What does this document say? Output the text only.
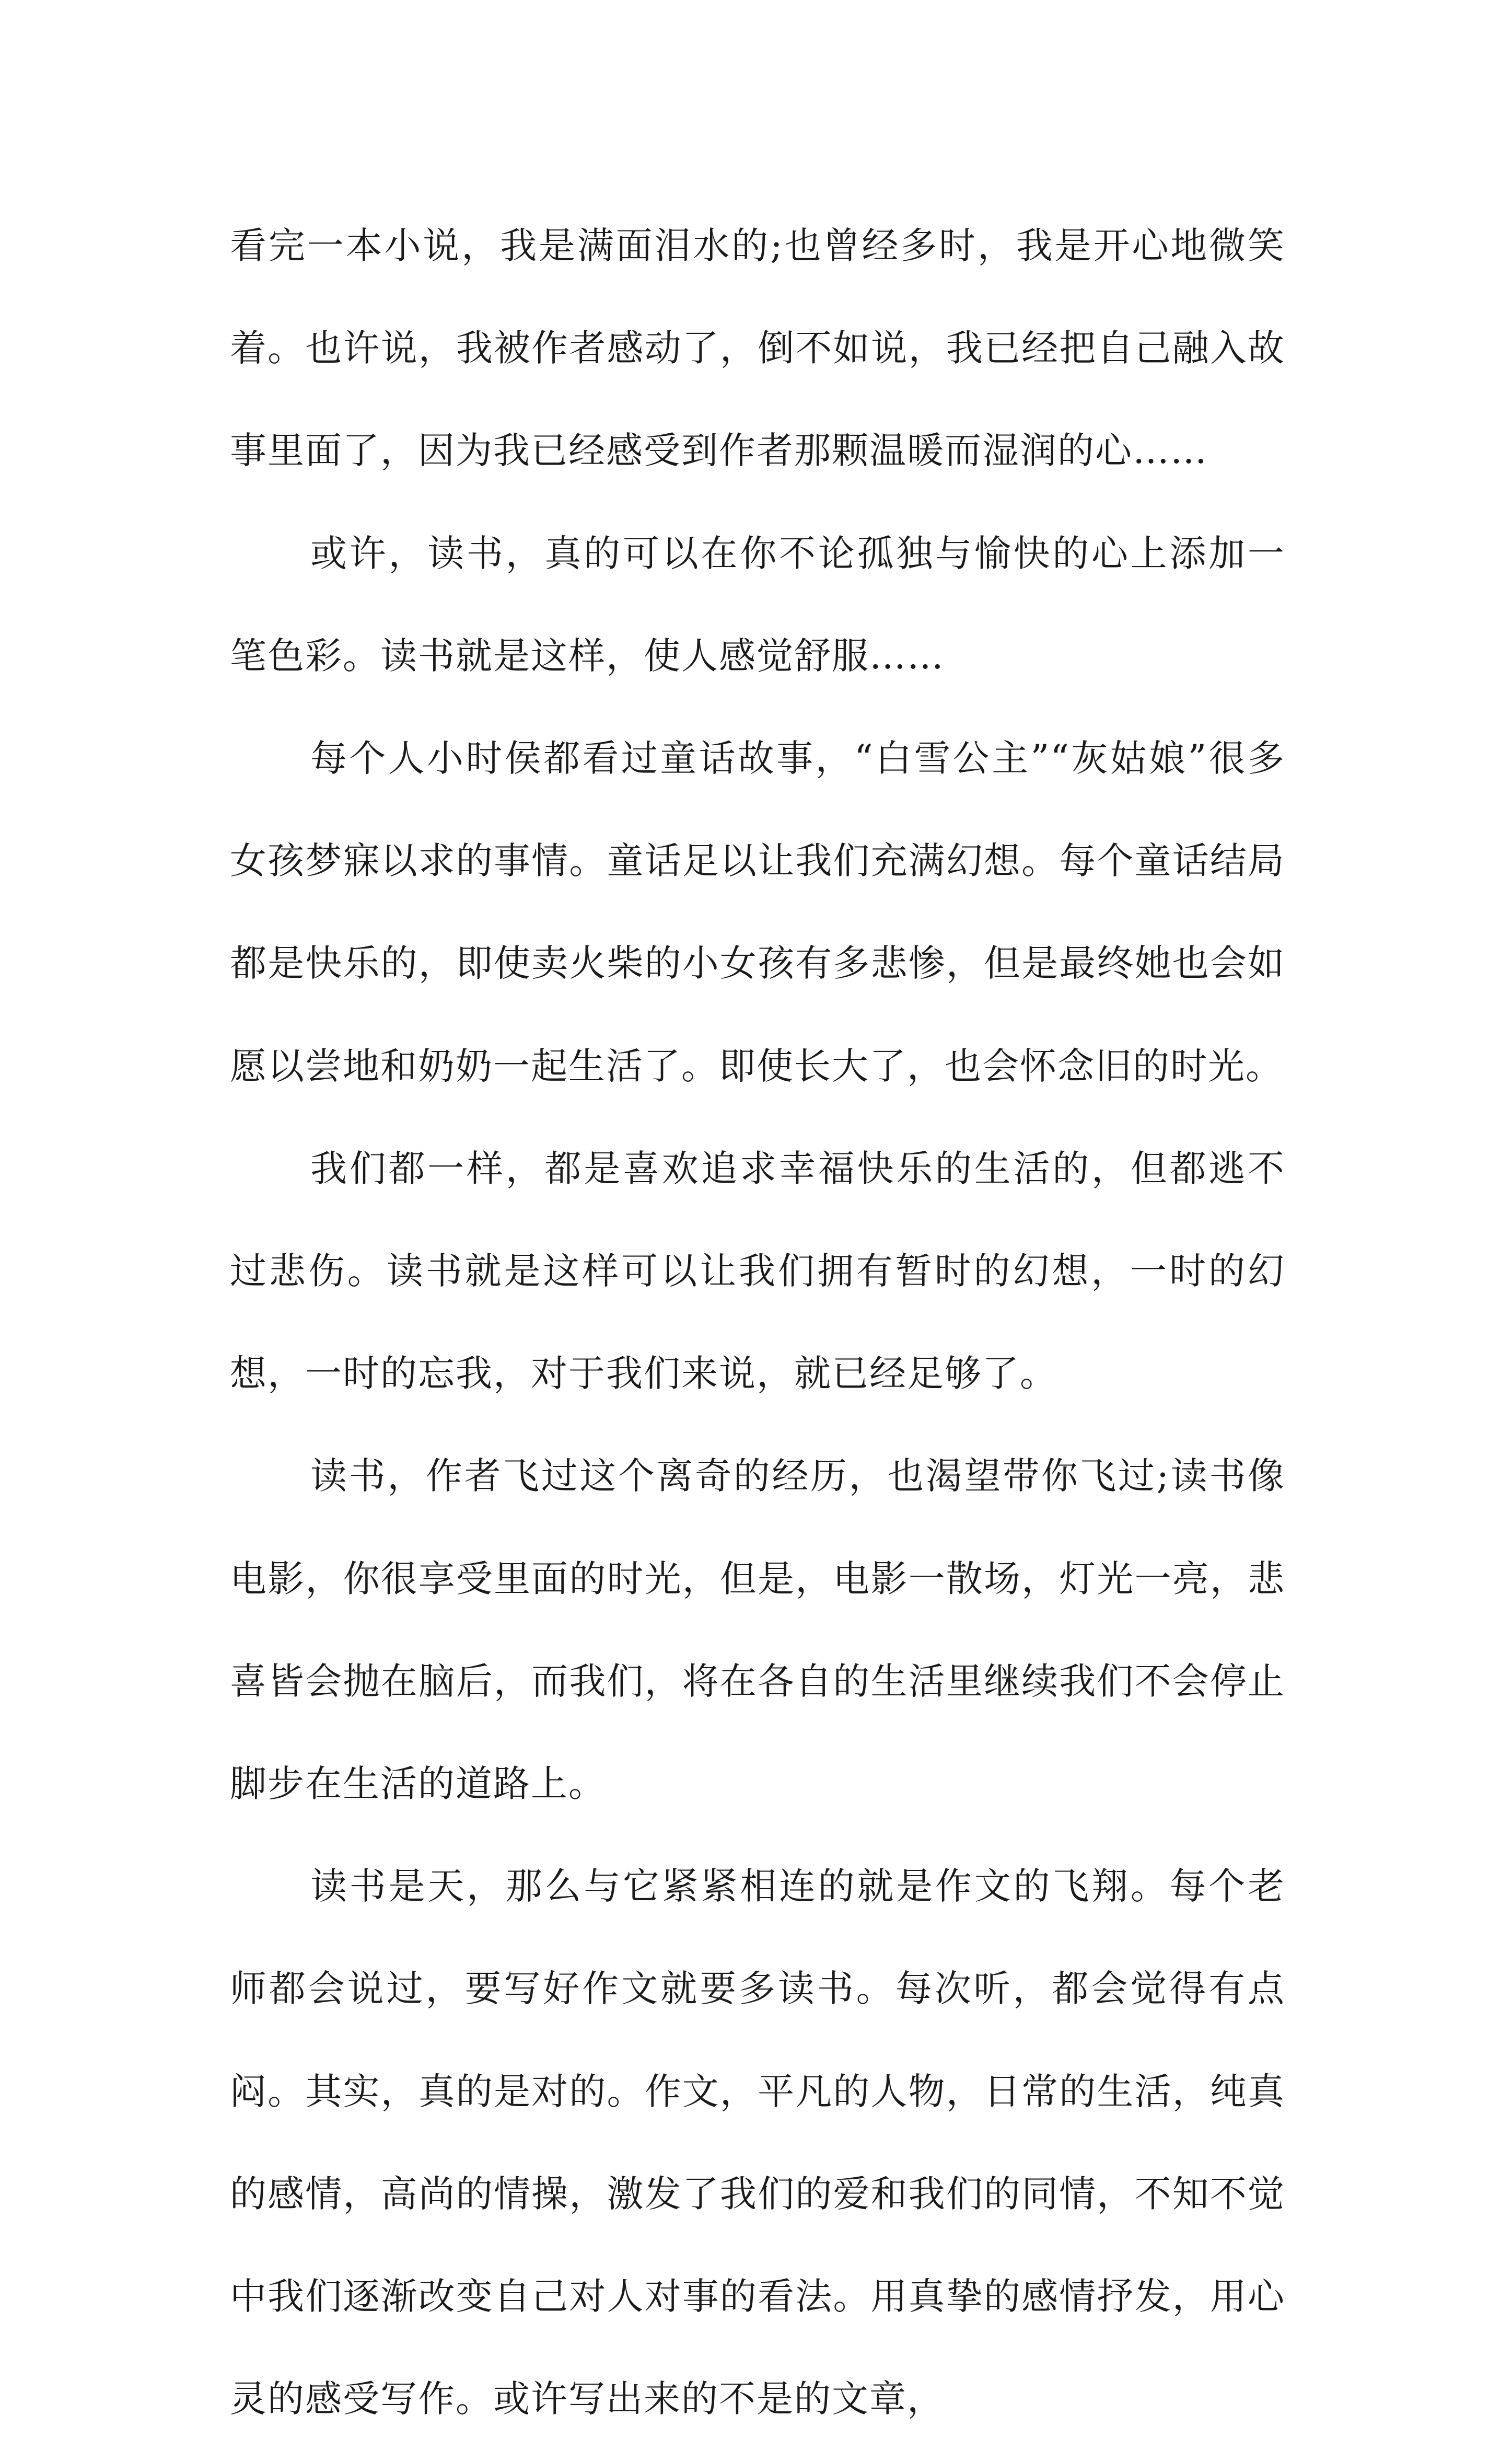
看完一本小说，我是满面泪水的;也曾经多时，我是开心地微笑着。也许说，我被作者感动了，倒不如说，我已经把自己融入故事里面了，因为我已经感受到作者那颗温暖而湿润的心……

或许，读书，真的可以在你不论孤独与愉快的心上添加一笔色彩。读书就是这样，使人感觉舒服……

每个人小时侯都看过童话故事，“白雪公主”“灰姑娘”很多女孩梦寐以求的事情。童话足以让我们充满幻想。每个童话结局都是快乐的，即使卖火柴的小女孩有多悲惨，但是最终她也会如愿以尝地和奶奶一起生活了。即使长大了，也会怀念旧的时光。

我们都一样，都是喜欢追求幸福快乐的生活的，但都逃不过悲伤。读书就是这样可以让我们拥有暂时的幻想，一时的幻想，一时的忘我，对于我们来说，就已经足够了。

读书，作者飞过这个离奇的经历，也渴望带你飞过;读书像电影，你很享受里面的时光，但是，电影一散场，灯光一亮，悲喜皆会抛在脑后，而我们，将在各自的生活里继续我们不会停止脚步在生活的道路上。

读书是天，那么与它紧紧相连的就是作文的飞翔。每个老师都会说过，要写好作文就要多读书。每次听，都会觉得有点闷。其实，真的是对的。作文，平凡的人物，日常的生活，纯真的感情，高尚的情操，激发了我们的爱和我们的同情，不知不觉中我们逐渐改变自己对人对事的看法。用真挚的感情抒发，用心灵的感受写作。或许写出来的不是的文章，
